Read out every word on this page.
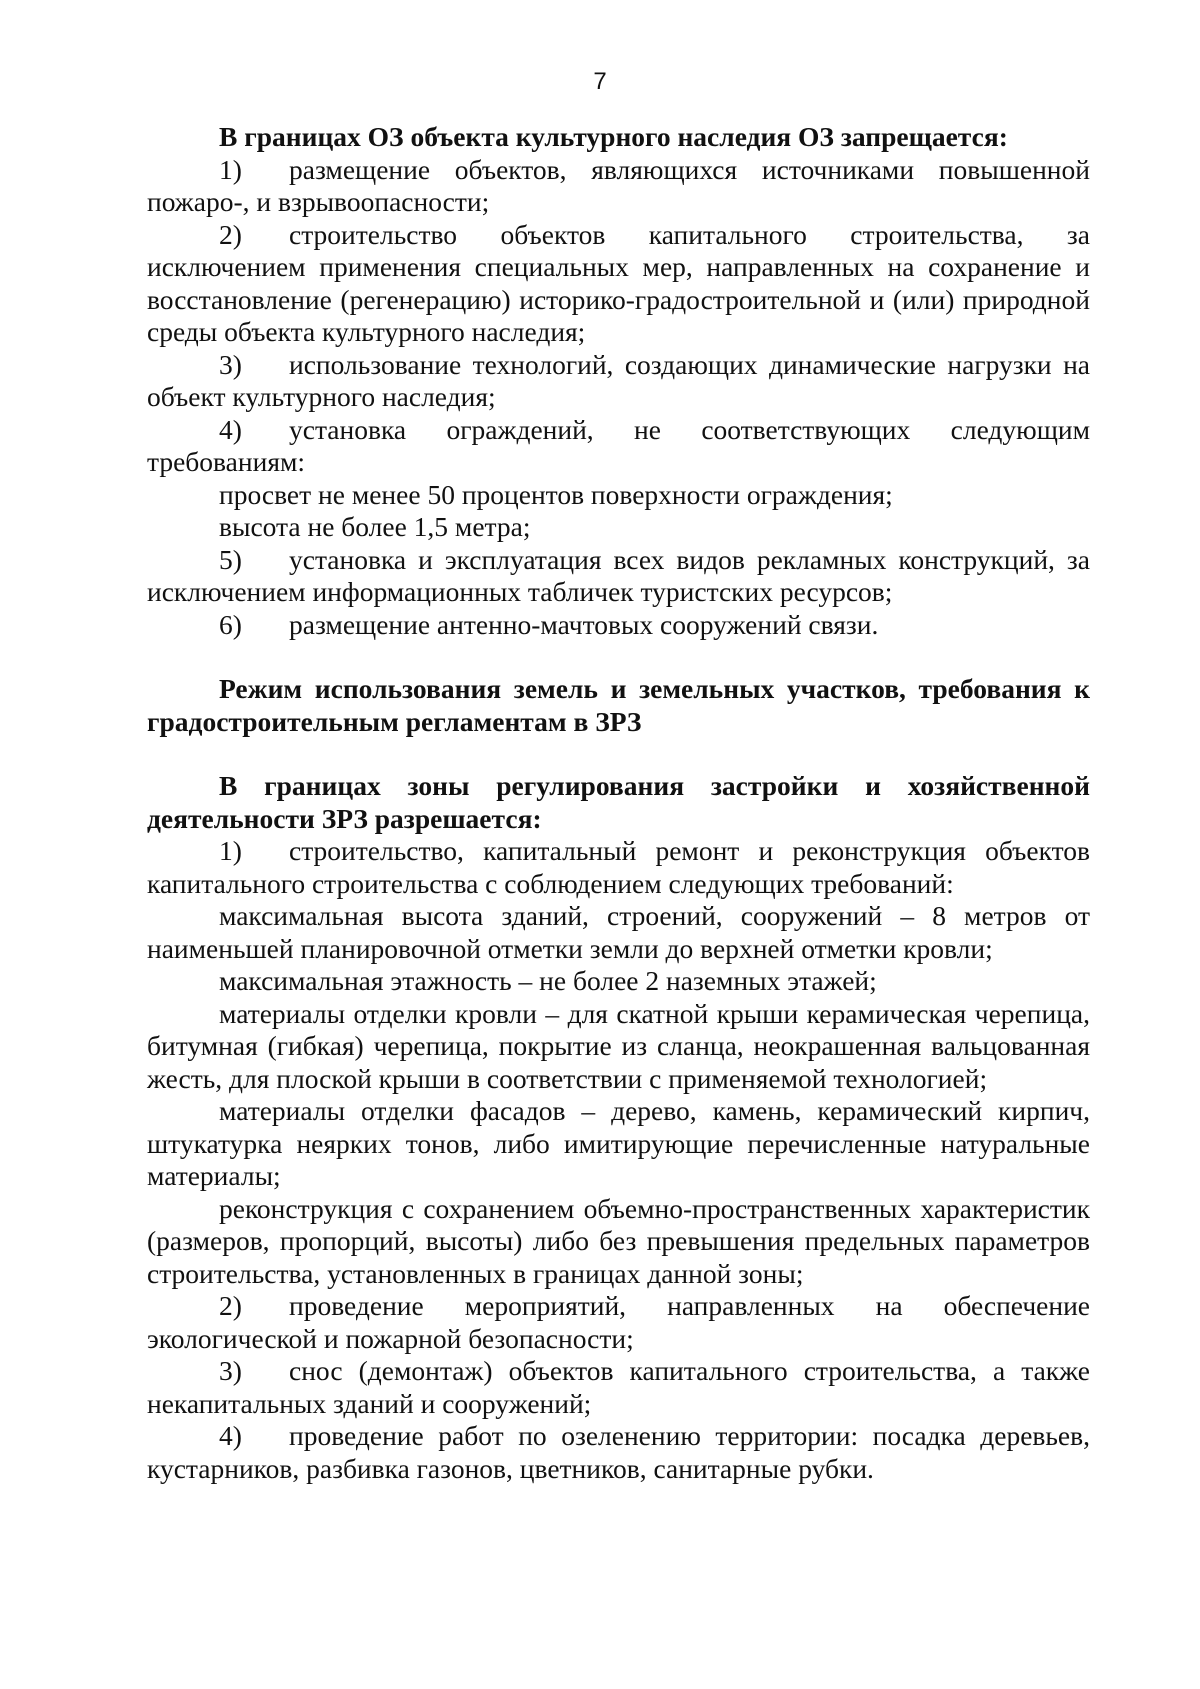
7

В границах ОЗ объекта культурного наследия ОЗ запрещается:

1) размещение объектов, являющихся источниками повышенной пожаро-, и взрывоопасности;

2) строительство объектов капитального строительства, за исключением применения специальных мер, направленных на сохранение и восстановление (регенерацию) историко-градостроительной и (или) природной среды объекта культурного наследия;

3) использование технологий, создающих динамические нагрузки на объект культурного наследия;

4) установка ограждений, не соответствующих следующим требованиям:

просвет не менее 50 процентов поверхности ограждения;

высота не более 1,5 метра;

5) установка и эксплуатация всех видов рекламных конструкций, за исключением информационных табличек туристских ресурсов;

6) размещение антенно-мачтовых сооружений связи.

Режим использования земель и земельных участков, требования к градостроительным регламентам в ЗРЗ

В границах зоны регулирования застройки и хозяйственной деятельности ЗРЗ разрешается:

1) строительство, капитальный ремонт и реконструкция объектов капитального строительства с соблюдением следующих требований:

максимальная высота зданий, строений, сооружений – 8 метров от наименьшей планировочной отметки земли до верхней отметки кровли;

максимальная этажность – не более 2 наземных этажей;

материалы отделки кровли – для скатной крыши керамическая черепица, битумная (гибкая) черепица, покрытие из сланца, неокрашенная вальцованная жесть, для плоской крыши в соответствии с применяемой технологией;

материалы отделки фасадов – дерево, камень, керамический кирпич, штукатурка неярких тонов, либо имитирующие перечисленные натуральные материалы;

реконструкция с сохранением объемно-пространственных характеристик (размеров, пропорций, высоты) либо без превышения предельных параметров строительства, установленных в границах данной зоны;

2) проведение мероприятий, направленных на обеспечение экологической и пожарной безопасности;

3) снос (демонтаж) объектов капитального строительства, а также некапитальных зданий и сооружений;

4) проведение работ по озеленению территории: посадка деревьев, кустарников, разбивка газонов, цветников, санитарные рубки.
